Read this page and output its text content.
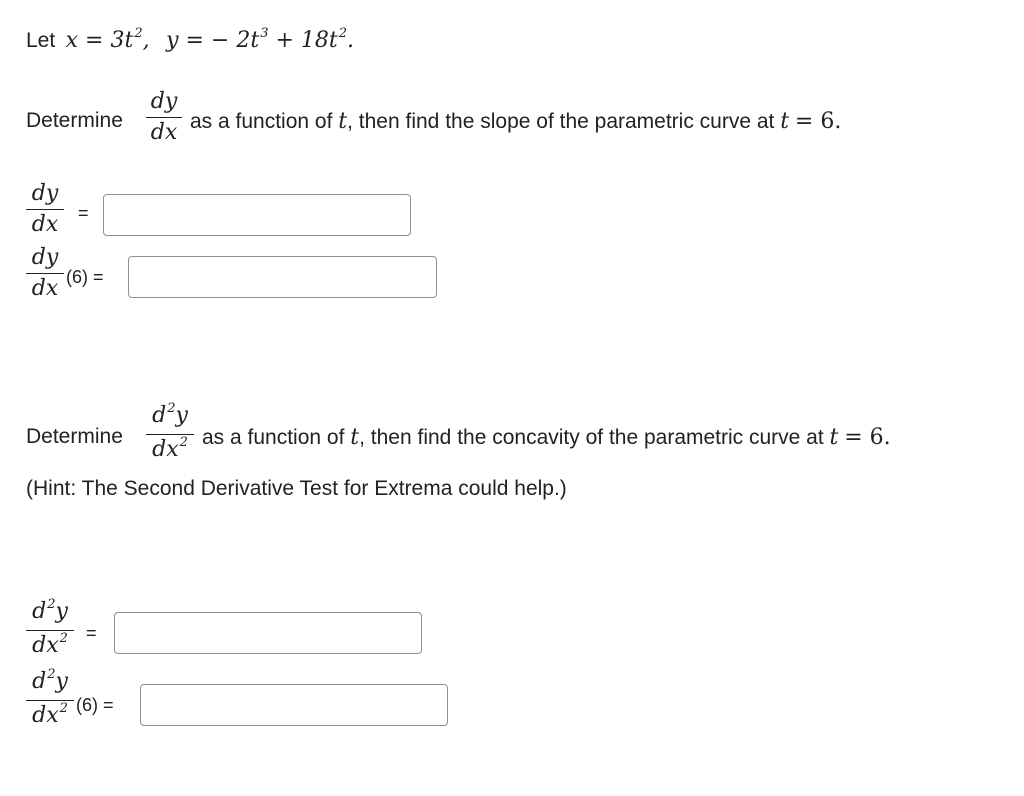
Let $x = 3t^2$, y = − $2t^3 + 18t^2$.
Determine
dy
dx as a function of t, then find the slope of the parametric curve at t = 6.
dy
dx	=
dy
dx (6) =
Determine
$d^2y$
$dx^2$ as a function of t, then find the concavity of the parametric curve at t = 6.
(Hint: The Second Derivative Test for Extrema could help.)
$d^2y$
$dx^2$	=
$d^2y$
$dx^2$ (6) =
